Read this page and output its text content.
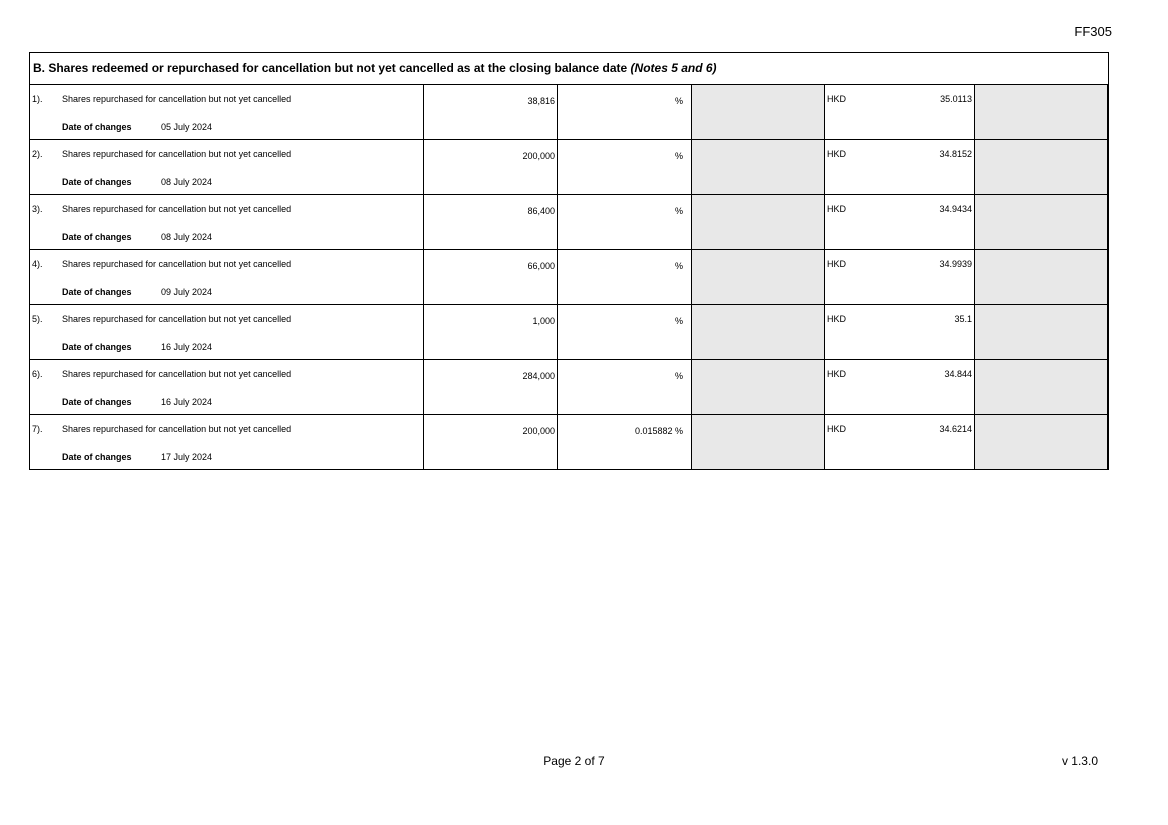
FF305
B. Shares redeemed or repurchased for cancellation but not yet cancelled as at the closing balance date (Notes 5 and 6)
1). Shares repurchased for cancellation but not yet cancelled
Date of changes	05 July 2024
38,816	%	HKD	35.0113
2). Shares repurchased for cancellation but not yet cancelled
Date of changes	08 July 2024
200,000	%	HKD	34.8152
3). Shares repurchased for cancellation but not yet cancelled
Date of changes	08 July 2024
86,400	%	HKD	34.9434
4). Shares repurchased for cancellation but not yet cancelled
Date of changes	09 July 2024
66,000	%	HKD	34.9939
5). Shares repurchased for cancellation but not yet cancelled
Date of changes	16 July 2024
1,000	%	HKD	35.1
6). Shares repurchased for cancellation but not yet cancelled
Date of changes	16 July 2024
284,000	%	HKD	34.844
7). Shares repurchased for cancellation but not yet cancelled
Date of changes	17 July 2024
200,000	0.015882 %	HKD	34.6214
Page 2 of 7	v 1.3.0
